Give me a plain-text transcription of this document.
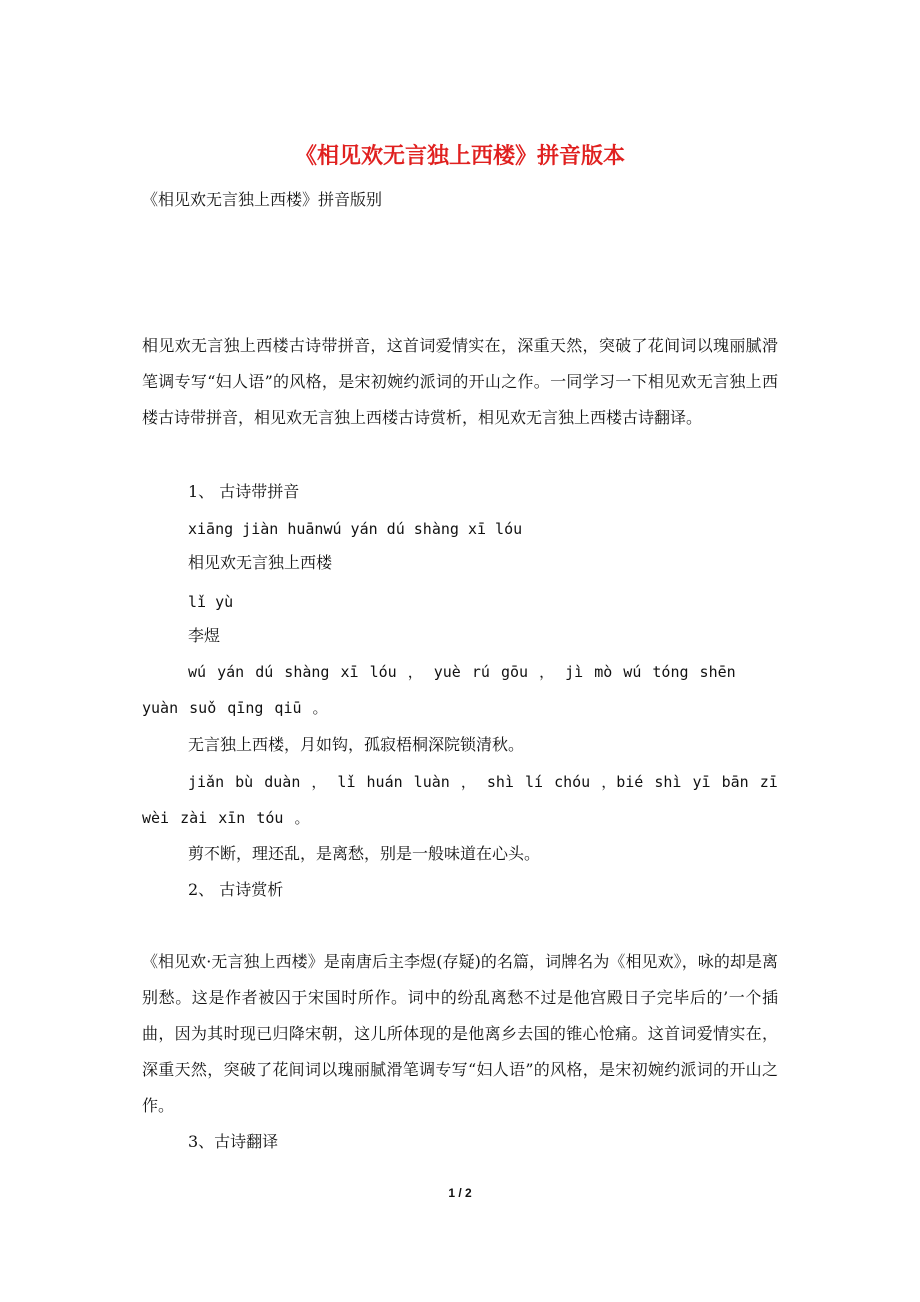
《相见欢无言独上西楼》拼音版本

《相见欢无言独上西楼》拼音版别

相见欢无言独上西楼古诗带拼音，这首词爱情实在，深重天然，突破了花间词以瑰丽腻滑笔调专写“妇人语”的风格，是宋初婉约派词的开山之作。一同学习一下相见欢无言独上西楼古诗带拼音，相见欢无言独上西楼古诗赏析，相见欢无言独上西楼古诗翻译。

1、 古诗带拼音

xiāng jiàn huānwú yán dú shàng xī lóu

相见欢无言独上西楼

lǐ yù

李煜

wú yán dú shàng xī lóu ， yuè rú gōu ， jì mò wú tóng shēn yuàn suǒ qīng qiū 。

无言独上西楼，月如钩，孤寂梧桐深院锁清秋。

jiǎn bù duàn ， lǐ huán luàn ， shì lí chóu ，bié shì yī bān zī wèi zài xīn tóu 。

剪不断，理还乱，是离愁，别是一般味道在心头。

2、 古诗赏析

《相见欢·无言独上西楼》是南唐后主李煜(存疑)的名篇，词牌名为《相见欢》，咏的却是离别愁。这是作者被囚于宋国时所作。词中的纷乱离愁不过是他宫殿日子完毕后的’一个插曲，因为其时现已归降宋朝，这儿所体现的是他离乡去国的锥心怆痛。这首词爱情实在，深重天然，突破了花间词以瑰丽腻滑笔调专写“妇人语”的风格，是宋初婉约派词的开山之作。

3、古诗翻译

1 / 2
